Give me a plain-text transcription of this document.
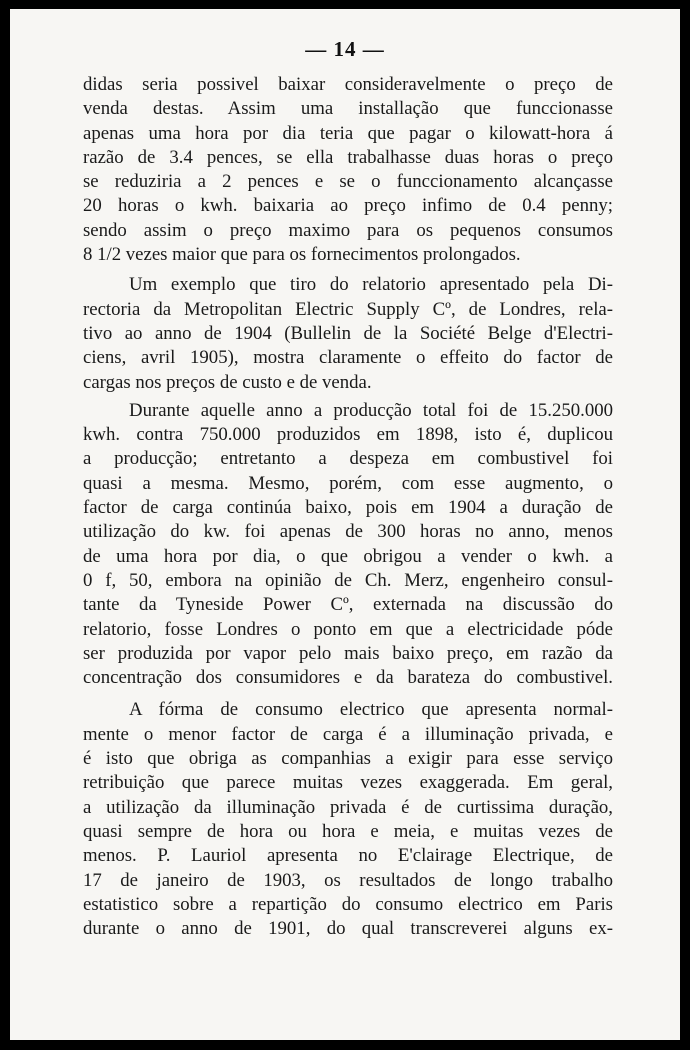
— 14 —
didas seria possivel baixar consideravelmente o preço de
venda destas. Assim uma installação que funccionasse
apenas uma hora por dia teria que pagar o kilowatt-hora á
razão de 3.4 pences, se ella trabalhasse duas horas o preço
se reduziria a 2 pences e se o funccionamento alcançasse
20 horas o kwh. baixaria ao preço infimo de 0.4 penny;
sendo assim o preço maximo para os pequenos consumos
8 1/2 vezes maior que para os fornecimentos prolongados.
Um exemplo que tiro do relatorio apresentado pela Di-
rectoria da Metropolitan Electric Supply Cº, de Londres, rela-
tivo ao anno de 1904 (Bullelin de la Société Belge d'Electri-
ciens, avril 1905), mostra claramente o effeito do factor de
cargas nos preços de custo e de venda.
Durante aquelle anno a producção total foi de 15.250.000
kwh. contra 750.000 produzidos em 1898, isto é, duplicou
a producção; entretanto a despeza em combustivel foi
quasi a mesma. Mesmo, porém, com esse augmento, o
factor de carga continúa baixo, pois em 1904 a duração de
utilização do kw. foi apenas de 300 horas no anno, menos
de uma hora por dia, o que obrigou a vender o kwh. a
0 f, 50, embora na opinião de Ch. Merz, engenheiro consul-
tante da Tyneside Power Cº, externada na discussão do
relatorio, fosse Londres o ponto em que a electricidade póde
ser produzida por vapor pelo mais baixo preço, em razão da
concentração dos consumidores e da barateza do combustivel.
A fórma de consumo electrico que apresenta normal-
mente o menor factor de carga é a illuminação privada, e
é isto que obriga as companhias a exigir para esse serviço
retribuição que parece muitas vezes exaggerada. Em geral,
a utilização da illuminação privada é de curtissima duração,
quasi sempre de hora ou hora e meia, e muitas vezes de
menos. P. Lauriol apresenta no E'clairage Electrique, de
17 de janeiro de 1903, os resultados de longo trabalho
estatistico sobre a repartição do consumo electrico em Paris
durante o anno de 1901, do qual transcreverei alguns ex-
